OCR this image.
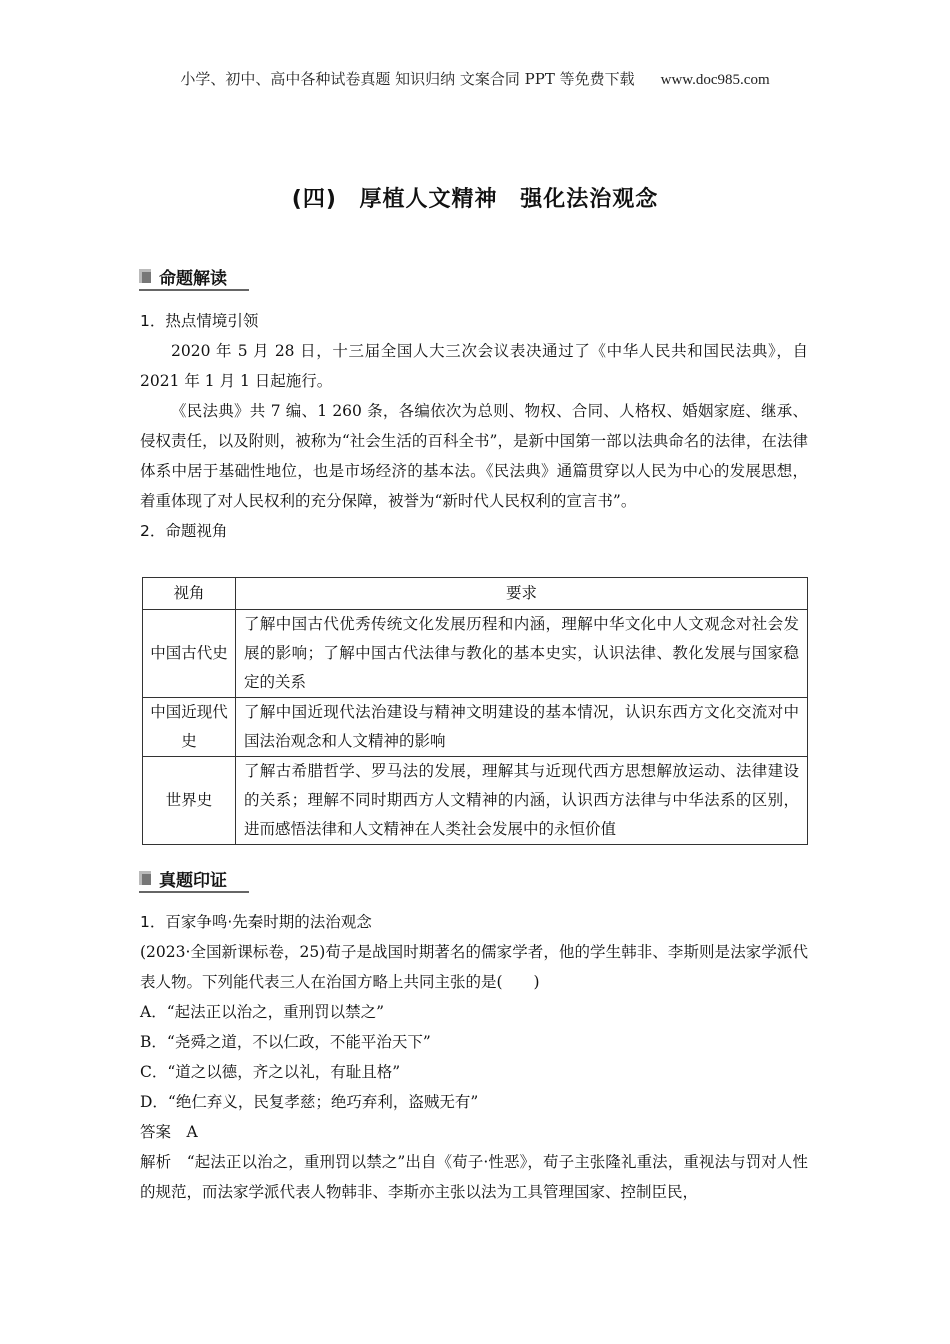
小学、初中、高中各种试卷真题 知识归纳 文案合同 PPT 等免费下载 www.doc985.com
(四) 厚植人文精神 强化法治观念
命题解读

1．热点情境引领

2020 年 5 月 28 日，十三届全国人大三次会议表决通过了《中华人民共和国民法典》，自 2021 年 1 月 1 日起施行。

《民法典》共 7 编、1 260 条，各编依次为总则、物权、合同、人格权、婚姻家庭、继承、侵权责任，以及附则，被称为“社会生活的百科全书”，是新中国第一部以法典命名的法律，在法律体系中居于基础性地位，也是市场经济的基本法。《民法典》通篇贯穿以人民为中心的发展思想，着重体现了对人民权利的充分保障，被誉为“新时代人民权利的宣言书”。

2．命题视角

视角	要求
中国古代史	了解中国古代优秀传统文化发展历程和内涵，理解中华文化中人文观念对社会发展的影响；了解中国古代法律与教化的基本史实，认识法律、教化发展与国家稳定的关系
中国近现代史	了解中国近现代法治建设与精神文明建设的基本情况，认识东西方文化交流对中国法治观念和人文精神的影响
世界史	了解古希腊哲学、罗马法的发展，理解其与近现代西方思想解放运动、法律建设的关系；理解不同时期西方人文精神的内涵，认识西方法律与中华法系的区别，进而感悟法律和人文精神在人类社会发展中的永恒价值
真题印证

1．百家争鸣·先秦时期的法治观念

(2023·全国新课标卷，25)荀子是战国时期著名的儒家学者，他的学生韩非、李斯则是法家学派代表人物。下列能代表三人在治国方略上共同主张的是(　　)

A．“起法正以治之，重刑罚以禁之”

B．“尧舜之道，不以仁政，不能平治天下”

C．“道之以德，齐之以礼，有耻且格”

D．“绝仁弃义，民复孝慈；绝巧弃利，盗贼无有”

答案  A

解析  “起法正以治之，重刑罚以禁之”出自《荀子·性恶》，荀子主张隆礼重法，重视法与罚对人性的规范，而法家学派代表人物韩非、李斯亦主张以法为工具管理国家、控制臣民，
